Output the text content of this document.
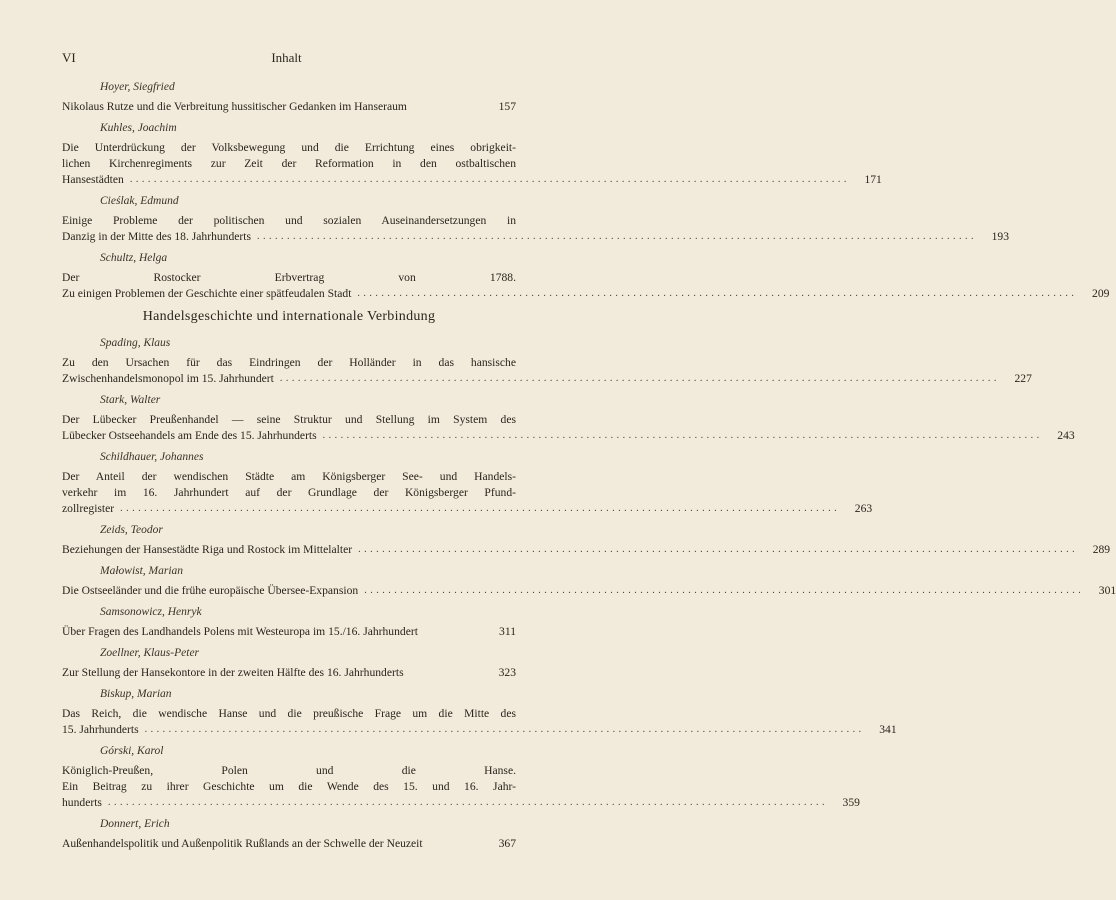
VI	Inhalt
Hoyer, Siegfried
Nikolaus Rutze und die Verbreitung hussitischer Gedanken im Hanseraum	157
Kuhles, Joachim
Die Unterdrückung der Volksbewegung und die Errichtung eines obrigkeit-
lichen Kirchenregiments zur Zeit der Reformation in den ostbaltischen
Hansestädten ........................................................................................................................	171
Cieślak, Edmund
Einige Probleme der politischen und sozialen Auseinandersetzungen in
Danzig in der Mitte des 18. Jahrhunderts ........................................................................................................................	193
Schultz, Helga
Der Rostocker Erbvertrag von 1788.
Zu einigen Problemen der Geschichte einer spätfeudalen Stadt ........................................................................................................................	209
Handelsgeschichte und internationale Verbindung
Spading, Klaus
Zu den Ursachen für das Eindringen der Holländer in das hansische
Zwischenhandelsmonopol im 15. Jahrhundert ........................................................................................................................	227
Stark, Walter
Der Lübecker Preußenhandel — seine Struktur und Stellung im System des
Lübecker Ostseehandels am Ende des 15. Jahrhunderts ........................................................................................................................	243
Schildhauer, Johannes
Der Anteil der wendischen Städte am Königsberger See- und Handels-
verkehr im 16. Jahrhundert auf der Grundlage der Königsberger Pfund-
zollregister ........................................................................................................................	263
Zeids, Teodor
Beziehungen der Hansestädte Riga und Rostock im Mittelalter ........................................................................................................................	289
Małowist, Marian
Die Ostseeländer und die frühe europäische Übersee-Expansion ........................................................................................................................	301
Samsonowicz, Henryk
Über Fragen des Landhandels Polens mit Westeuropa im 15./16. Jahrhundert	311
Zoellner, Klaus-Peter
Zur Stellung der Hansekontore in der zweiten Hälfte des 16. Jahrhunderts	323
Biskup, Marian
Das Reich, die wendische Hanse und die preußische Frage um die Mitte des
15. Jahrhunderts ........................................................................................................................	341
Górski, Karol
Königlich-Preußen, Polen und die Hanse.
Ein Beitrag zu ihrer Geschichte um die Wende des 15. und 16. Jahr-
hunderts ........................................................................................................................	359
Donnert, Erich
Außenhandelspolitik und Außenpolitik Rußlands an der Schwelle der Neuzeit	367
